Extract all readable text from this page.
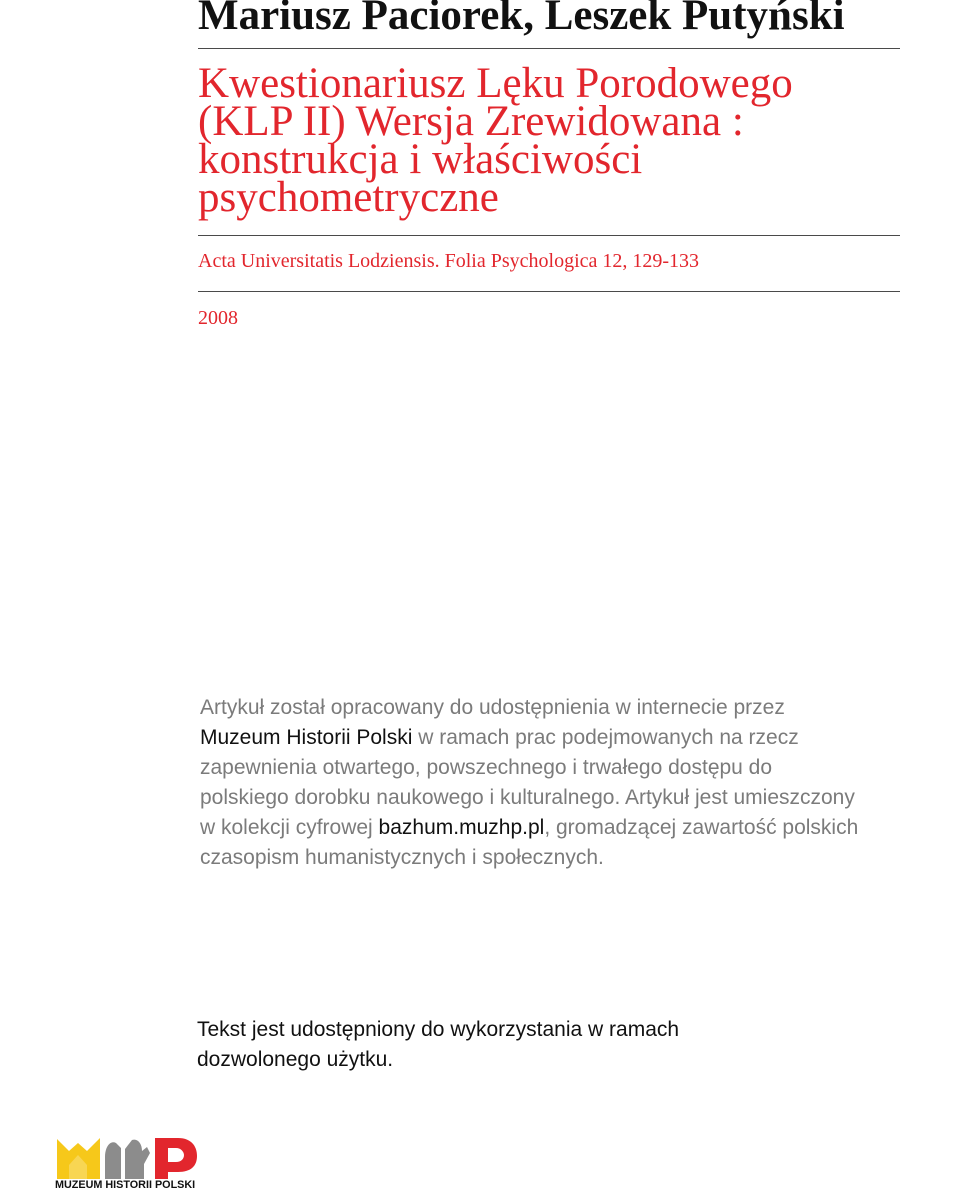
Mariusz Paciorek, Leszek Putyński
Kwestionariusz Lęku Porodowego
(KLP II) Wersja Zrewidowana :
konstrukcja i właściwości
psychometryczne
Acta Universitatis Lodziensis. Folia Psychologica 12, 129-133
2008
Artykuł został opracowany do udostępnienia w internecie przez
Muzeum Historii Polski w ramach prac podejmowanych na rzecz
zapewnienia otwartego, powszechnego i trwałego dostępu do
polskiego dorobku naukowego i kulturalnego. Artykuł jest umieszczony
w kolekcji cyfrowej bazhum.muzhp.pl, gromadzącej zawartość polskich
czasopism humanistycznych i społecznych.
Tekst jest udostępniony do wykorzystania w ramach
dozwolonego użytku.
MUZEUM HISTORII POLSKI
